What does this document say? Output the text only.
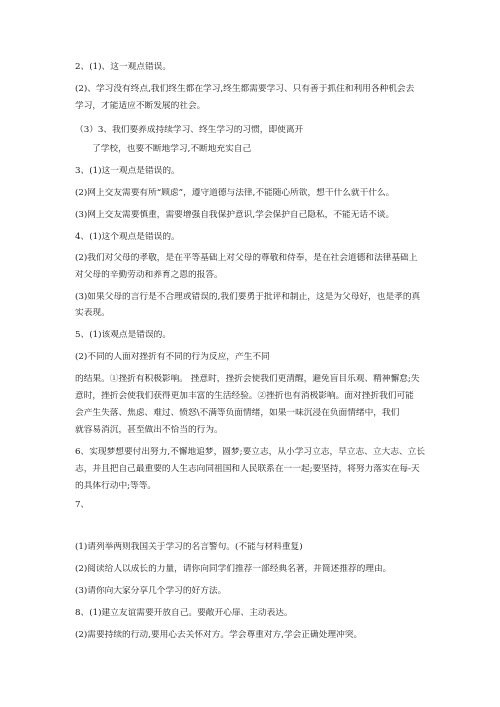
2、(1)、这一观点错误。
(2)、学习没有终点,我们终生都在学习,终生都需要学习、只有善于抓住和利用各种机会去
学习，才能适应不断发展的社会。
（3）3、我们要养成持续学习、终生学习的习惯，即使离开
了学校，也要不断地学习,不断地充实自己
3、(1)这一观点是错误的。
(2)网上交友需要有所“顾虑”，遵守道德与法律,不能随心所欲，想干什么就干什么。
(3)网上交友需要慎重，需要增强自我保护意识,学会保护自己隐私，不能无话不谈。
4、(1)这个观点是错误的。
(2)我们对父母的孝敬，是在平等基础上对父母的尊敬和侍奉，是在社会道德和法律基础上
对父母的辛勤劳动和养育之恩的报答。
(3)如果父母的言行是不合理或错误的,我们要勇于批评和制止，这是为父母好，也是孝的真
实表现。
5、(1)该观点是错误的。
(2)不同的人面对挫折有不同的行为反应，产生不同
的结果。①挫折有积极影响。 挫意时，挫折会使我们更清醒，避免盲目乐观、精神懈怠;失
意时，挫折会使我们获得更加丰富的生活经验。②挫折也有消极影响。面对挫折我们可能
会产生失落、焦虑、难过、愤怒\不满等负面情绪，如果一味沉浸在负面情绪中，我们
就容易消沉，甚至做出不恰当的行为。
6、实现梦想要付出努力,不懈地追梦，圆梦;要立志，从小学习立志，早立志、立大志、立长
志，并且把自己最重要的人生志向同祖国和人民联系在一一起;要坚持，将努力落实在每-天
的具体行动中;等等。
7、
(1)请列举两则我国关于学习的名言警句。(不能与材料重复)
(2)阅读给人以成长的力量，请你向同学们推荐一部经典名著，并简述推荐的理由。
(3)请你向大家分享几个学习的好方法。
8、(1)建立友谊需要开放自己。要敞开心扉、主动表达。
(2)需要持续的行动,要用心去关怀对方。学会尊重对方,学会正确处理冲突。
